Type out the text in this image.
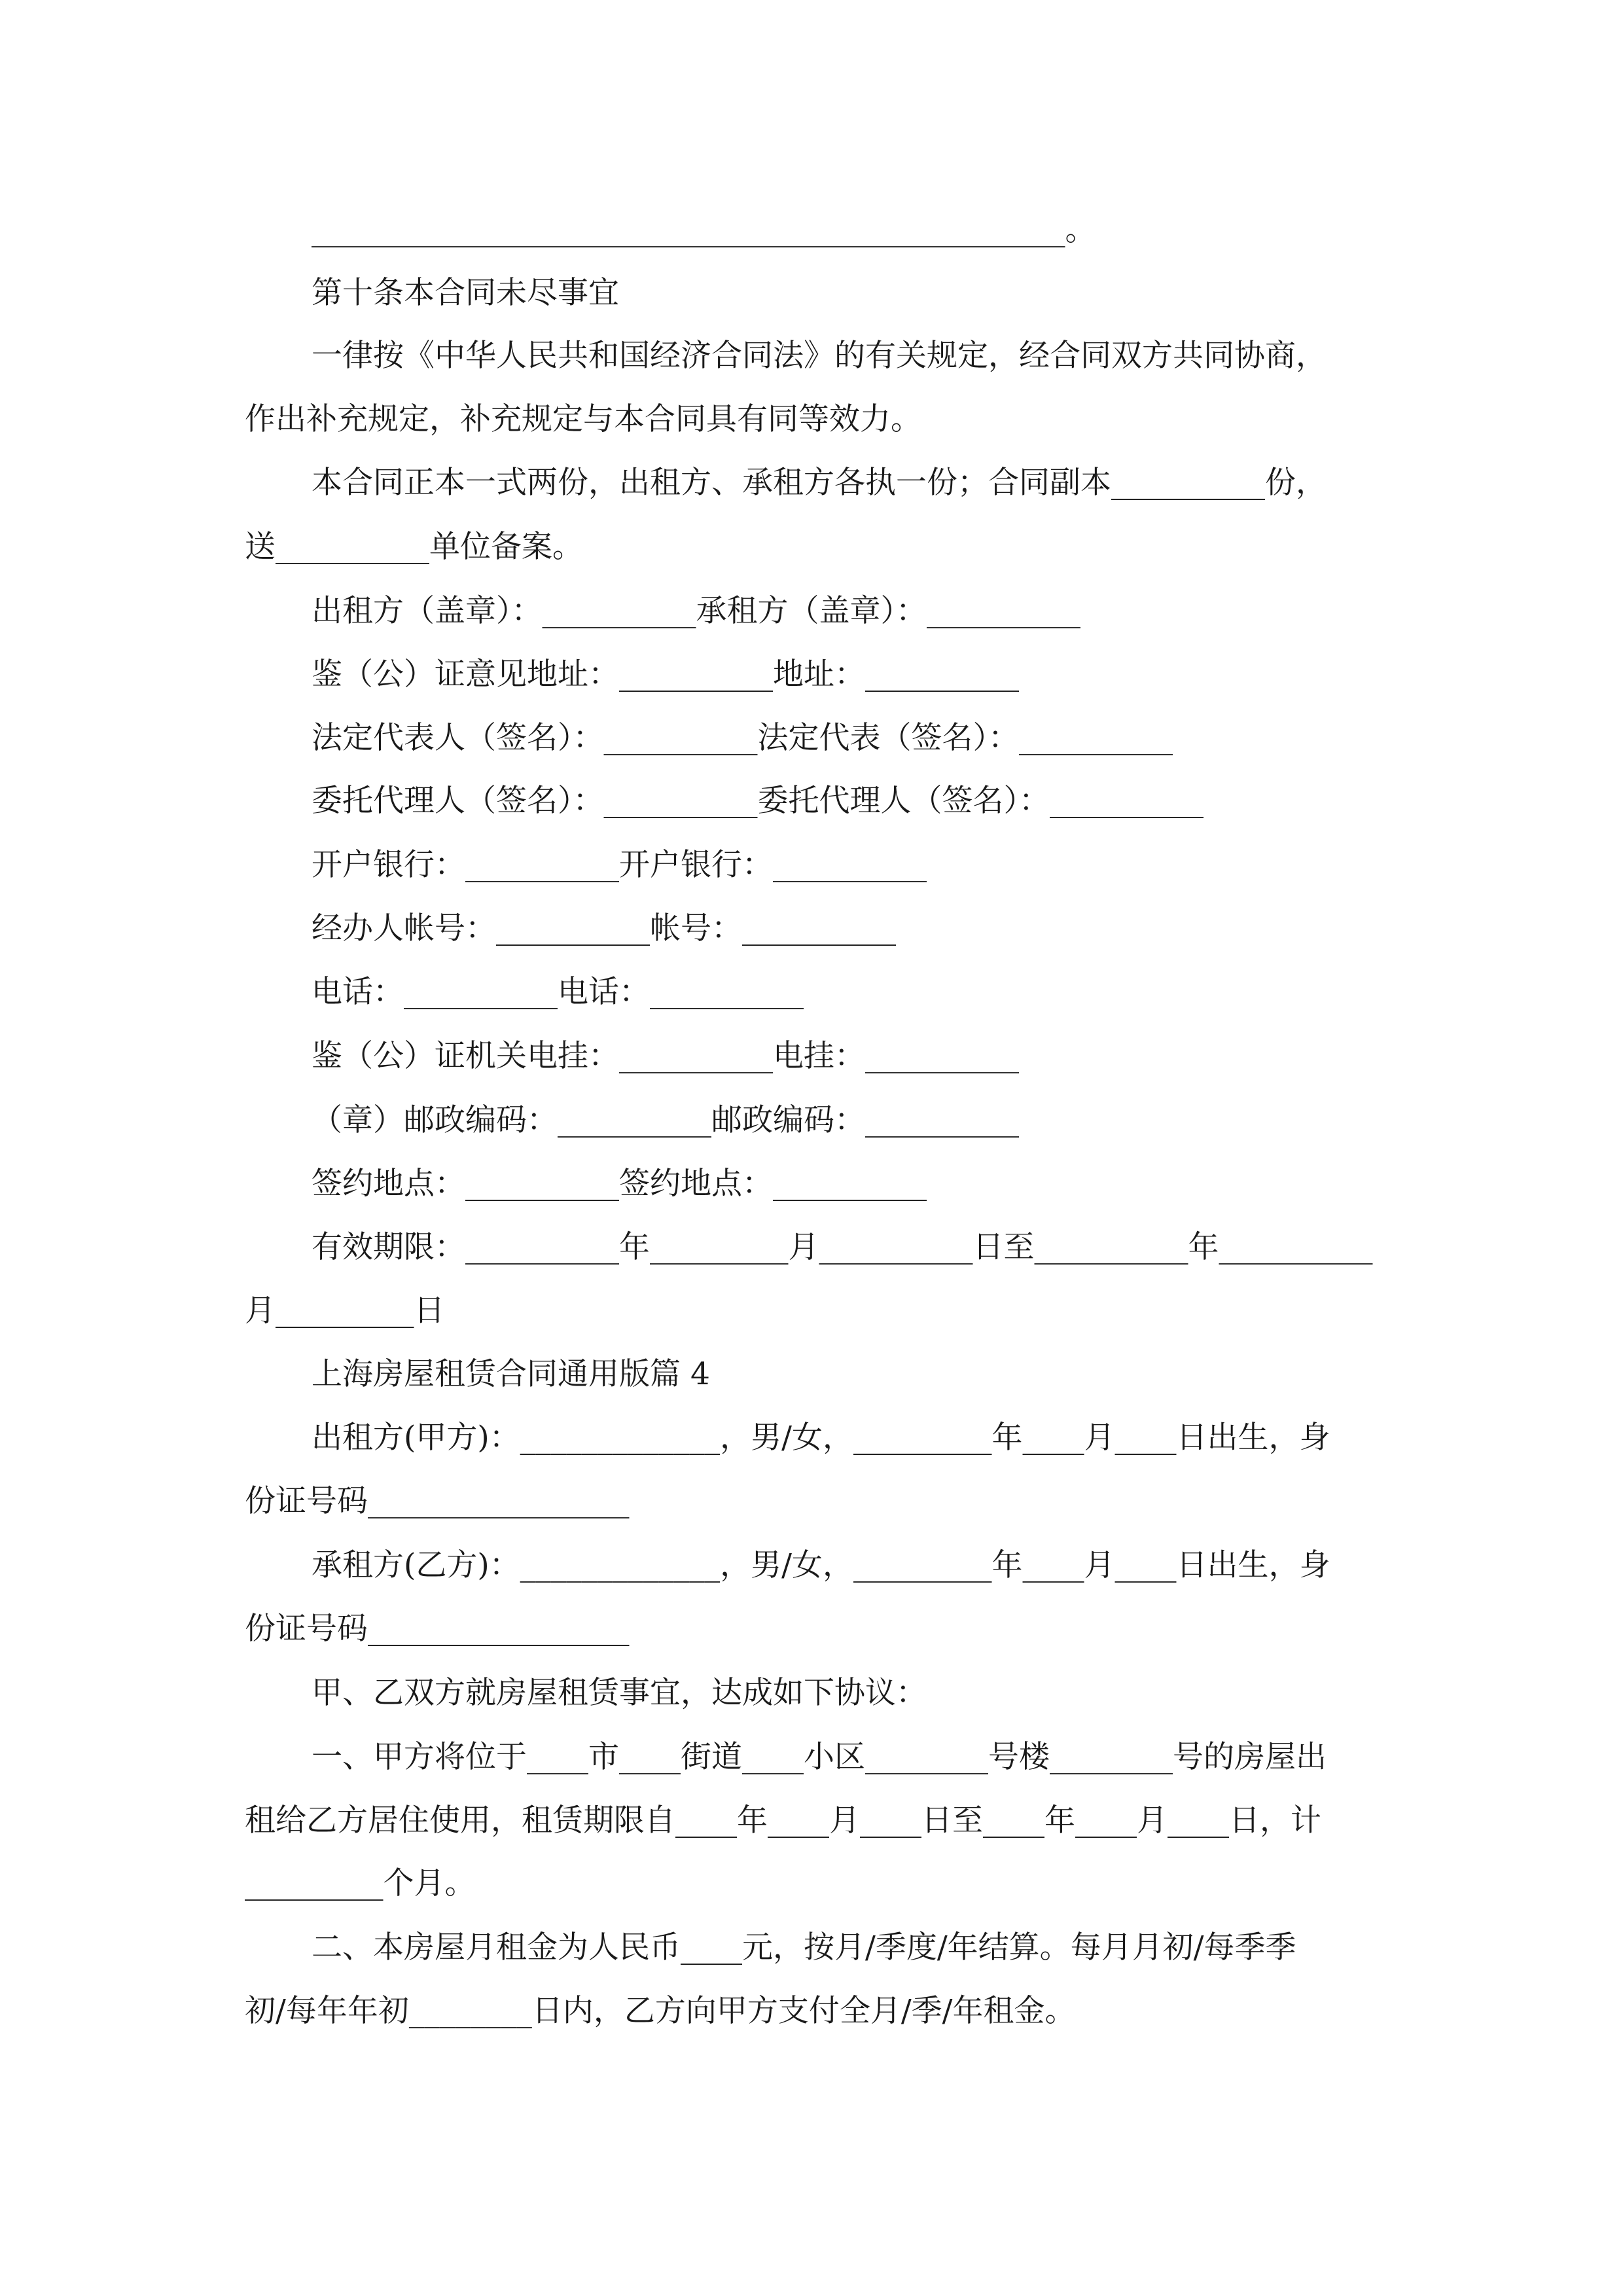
_________________________________________________。
第十条本合同未尽事宜
一律按《中华人民共和国经济合同法》的有关规定，经合同双方共同协商，
作出补充规定，补充规定与本合同具有同等效力。
本合同正本一式两份，出租方、承租方各执一份；合同副本__________份，
送__________单位备案。
出租方（盖章）：__________承租方（盖章）：__________
鉴（公）证意见地址：__________地址：__________
法定代表人（签名）：__________法定代表（签名）：__________
委托代理人（签名）：__________委托代理人（签名）：__________
开户银行：__________开户银行：__________
经办人帐号：__________帐号：__________
电话：__________电话：__________
鉴（公）证机关电挂：__________电挂：__________
（章）邮政编码：__________邮政编码：__________
签约地点：__________签约地点：__________
有效期限：__________年_________月__________日至__________年__________
月_________日
上海房屋租赁合同通用版篇 4
出租方(甲方)：_____________，男/女，_________年____月____日出生，身
份证号码_________________
承租方(乙方)：_____________，男/女，_________年____月____日出生，身
份证号码_________________
甲、乙双方就房屋租赁事宜，达成如下协议：
一、甲方将位于____市____街道____小区________号楼________号的房屋出
租给乙方居住使用，租赁期限自____年____月____日至____年____月____日，计
_________个月。
二、本房屋月租金为人民币____元，按月/季度/年结算。每月月初/每季季
初/每年年初________日内，乙方向甲方支付全月/季/年租金。
